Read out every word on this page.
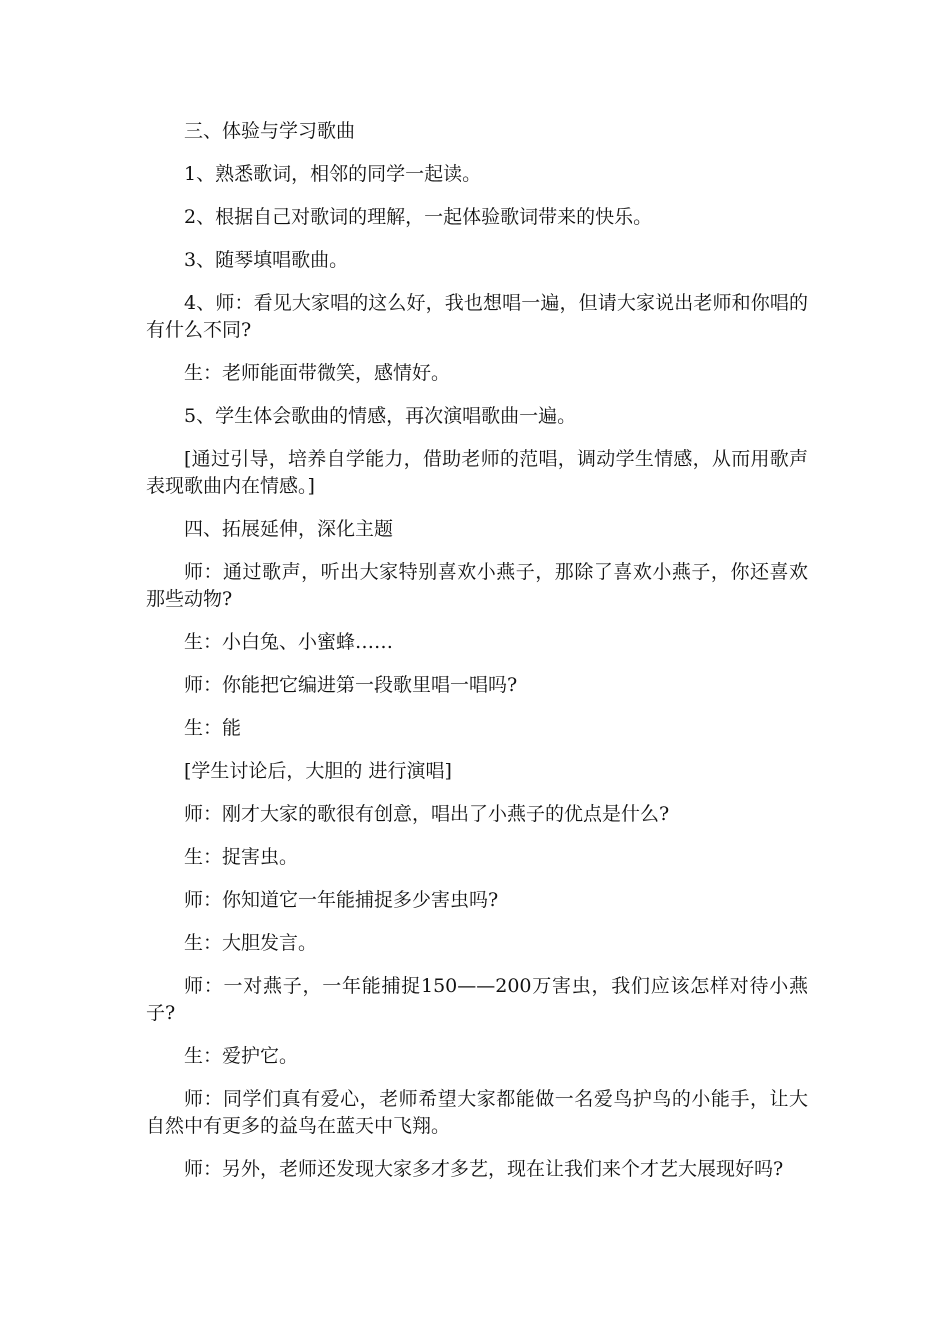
三、体验与学习歌曲

1、熟悉歌词，相邻的同学一起读。

2、根据自己对歌词的理解，一起体验歌词带来的快乐。

3、随琴填唱歌曲。

4、师：看见大家唱的这么好，我也想唱一遍，但请大家说出老师和你唱的有什么不同?

生：老师能面带微笑，感情好。

5、学生体会歌曲的情感，再次演唱歌曲一遍。

[通过引导，培养自学能力，借助老师的范唱，调动学生情感，从而用歌声表现歌曲内在情感。]

四、拓展延伸，深化主题

师：通过歌声，听出大家特别喜欢小燕子，那除了喜欢小燕子，你还喜欢那些动物?

生：小白兔、小蜜蜂……

师：你能把它编进第一段歌里唱一唱吗?

生：能

[学生讨论后，大胆的 进行演唱]

师：刚才大家的歌很有创意，唱出了小燕子的优点是什么?

生：捉害虫。

师：你知道它一年能捕捉多少害虫吗?

生：大胆发言。

师：一对燕子，一年能捕捉150——200万害虫，我们应该怎样对待小燕子?

生：爱护它。

师：同学们真有爱心，老师希望大家都能做一名爱鸟护鸟的小能手，让大自然中有更多的益鸟在蓝天中飞翔。

师：另外，老师还发现大家多才多艺，现在让我们来个才艺大展现好吗?
